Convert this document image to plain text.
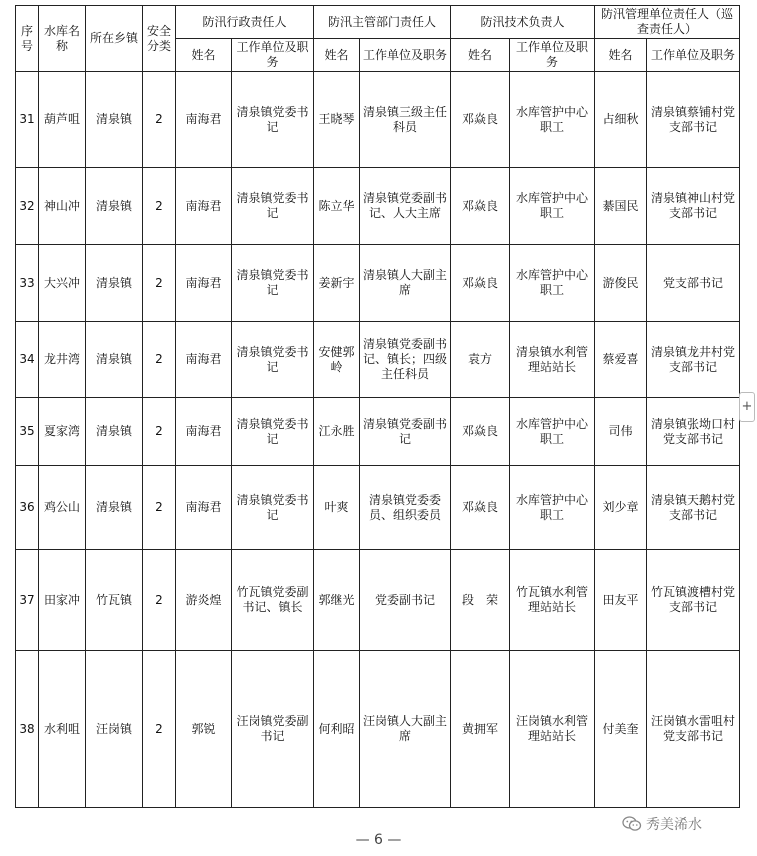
序号	水库名称	所在乡镇	安全分类	防汛行政责任人		防汛主管部门责任人		防汛技术负责人		防汛管理单位责任人（巡查责任人）	
				姓名	工作单位及职务	姓名	工作单位及职务	姓名	工作单位及职务	姓名	工作单位及职务
31	葫芦咀	清泉镇	2	南海君	清泉镇党委书记	王晓琴	清泉镇三级主任科员	邓焱良	水库管护中心职工	占细秋	清泉镇蔡铺村党支部书记
32	神山冲	清泉镇	2	南海君	清泉镇党委书记	陈立华	清泉镇党委副书记、人大主席	邓焱良	水库管护中心职工	綦国民	清泉镇神山村党支部书记
33	大兴冲	清泉镇	2	南海君	清泉镇党委书记	姜新宇	清泉镇人大副主席	邓焱良	水库管护中心职工	游俊民	党支部书记
34	龙井湾	清泉镇	2	南海君	清泉镇党委书记	安健郭岭	清泉镇党委副书记、镇长；四级主任科员	袁方	清泉镇水利管理站站长	蔡爱喜	清泉镇龙井村党支部书记
35	夏家湾	清泉镇	2	南海君	清泉镇党委书记	江永胜	清泉镇党委副书记	邓焱良	水库管护中心职工	司伟	清泉镇张坳口村党支部书记
36	鸡公山	清泉镇	2	南海君	清泉镇党委书记	叶爽	清泉镇党委委员、组织委员	邓焱良	水库管护中心职工	刘少章	清泉镇天鹅村党支部书记
37	田家冲	竹瓦镇	2	游炎煌	竹瓦镇党委副书记、镇长	郭继光	党委副书记	段　荣	竹瓦镇水利管理站站长	田友平	竹瓦镇渡槽村党支部书记
38	水利咀	汪岗镇	2	郭锐	汪岗镇党委副书记	何利昭	汪岗镇人大副主席	黄拥军	汪岗镇水利管理站站长	付美奎	汪岗镇水雷咀村党支部书记
+
秀美浠水
— 6 —
